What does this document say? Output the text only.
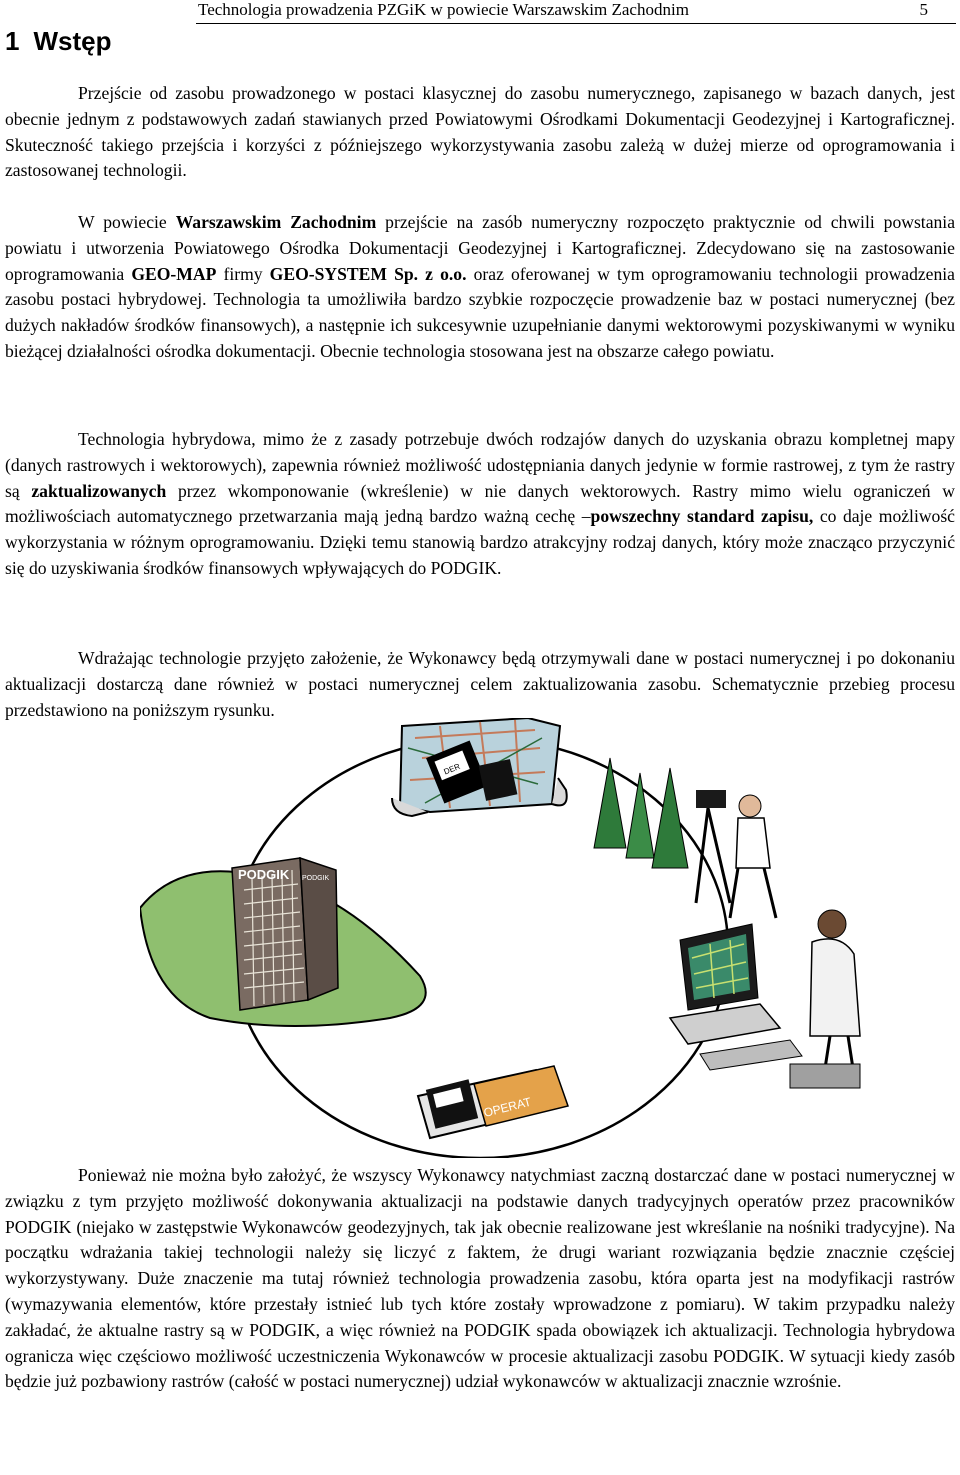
Technologia prowadzenia PZGiK w powiecie Warszawskim Zachodnim	5
1 Wstęp

Przejście od zasobu prowadzonego w postaci klasycznej do zasobu numerycznego, zapisanego w bazach danych, jest obecnie jednym z podstawowych zadań stawianych przed Powiatowymi Ośrodkami Dokumentacji Geodezyjnej i Kartograficznej. Skuteczność takiego przejścia i korzyści z późniejszego wykorzystywania zasobu zależą w dużej mierze od oprogramowania i zastosowanej technologii.

W powiecie Warszawskim Zachodnim przejście na zasób numeryczny rozpoczęto praktycznie od chwili powstania powiatu i utworzenia Powiatowego Ośrodka Dokumentacji Geodezyjnej i Kartograficznej. Zdecydowano się na zastosowanie oprogramowania GEO-MAP firmy GEO-SYSTEM Sp. z o.o. oraz oferowanej w tym oprogramowaniu technologii prowadzenia zasobu postaci hybrydowej. Technologia ta umożliwiła bardzo szybkie rozpoczęcie prowadzenie baz w postaci numerycznej (bez dużych nakładów środków finansowych), a następnie ich sukcesywnie uzupełnianie danymi wektorowymi pozyskiwanymi w wyniku bieżącej działalności ośrodka dokumentacji. Obecnie technologia stosowana jest na obszarze całego powiatu.

Technologia hybrydowa, mimo że z zasady potrzebuje dwóch rodzajów danych do uzyskania obrazu kompletnej mapy (danych rastrowych i wektorowych), zapewnia również możliwość udostępniania danych jedynie w formie rastrowej, z tym że rastry są zaktualizowanych przez wkomponowanie (wkreślenie) w nie danych wektorowych. Rastry mimo wielu ograniczeń w możliwościach automatycznego przetwarzania mają jedną bardzo ważną cechę –powszechny standard zapisu, co daje możliwość wykorzystania w różnym oprogramowaniu. Dzięki temu stanowią bardzo atrakcyjny rodzaj danych, który może znacząco przyczynić się do uzyskiwania środków finansowych wpływających do PODGIK.

Wdrażając technologie przyjęto założenie, że Wykonawcy będą otrzymywali dane w postaci numerycznej i po dokonaniu aktualizacji dostarczą dane również w postaci numerycznej celem zaktualizowania zasobu. Schematycznie przebieg procesu przedstawiono na poniższym rysunku.

DER
PODGIK PODGIK
OPERAT

Ponieważ nie można było założyć, że wszyscy Wykonawcy natychmiast zaczną dostarczać dane w postaci numerycznej w związku z tym przyjęto możliwość dokonywania aktualizacji na podstawie danych tradycyjnych operatów przez pracowników PODGIK (niejako w zastępstwie Wykonawców geodezyjnych, tak jak obecnie realizowane jest wkreślanie na nośniki tradycyjne). Na początku wdrażania takiej technologii należy się liczyć z faktem, że drugi wariant rozwiązania będzie znacznie częściej wykorzystywany. Duże znaczenie ma tutaj również technologia prowadzenia zasobu, która oparta jest na modyfikacji rastrów (wymazywania elementów, które przestały istnieć lub tych które zostały wprowadzone z pomiaru). W takim przypadku należy zakładać, że aktualne rastry są w PODGIK, a więc również na PODGIK spada obowiązek ich aktualizacji. Technologia hybrydowa ogranicza więc częściowo możliwość uczestniczenia Wykonawców w procesie aktualizacji zasobu PODGIK. W sytuacji kiedy zasób będzie już pozbawiony rastrów (całość w postaci numerycznej) udział wykonawców w aktualizacji znacznie wzrośnie.
